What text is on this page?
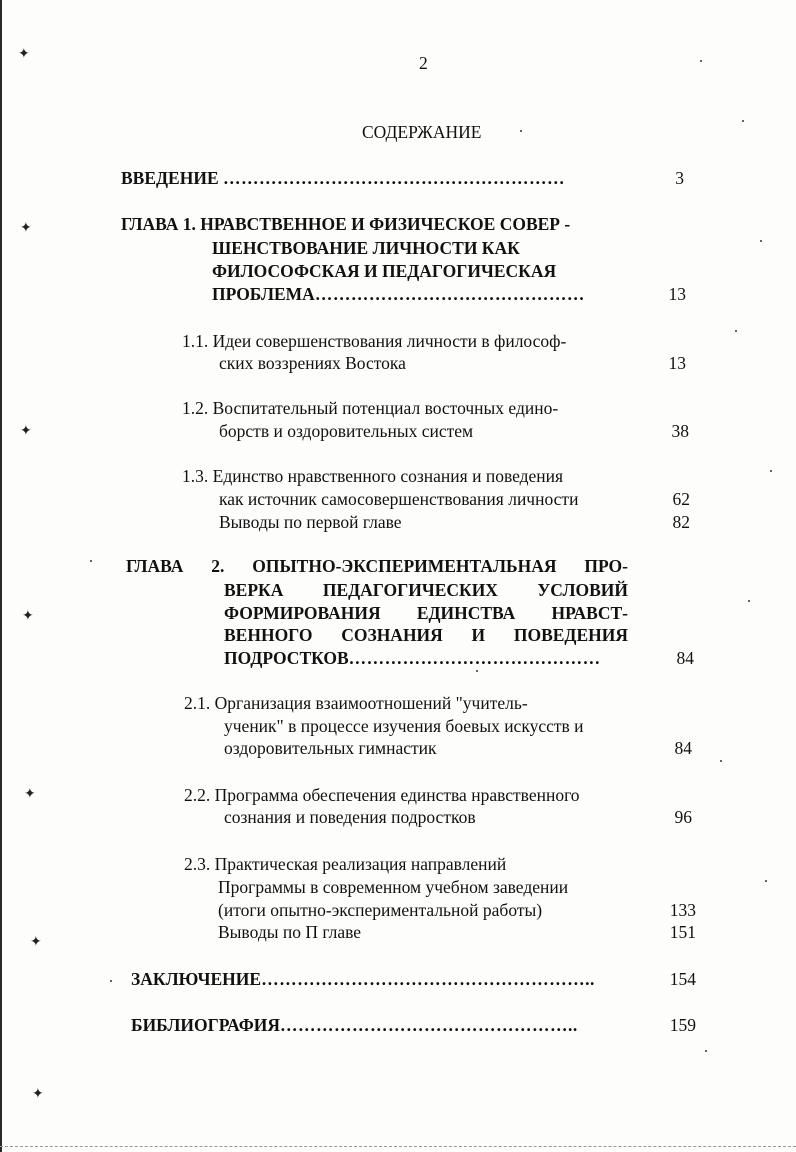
2
СОДЕРЖАНИЕ
ВВЕДЕНИЕ …………………………………………………	3
ГЛАВА 1. НРАВСТВЕННОЕ И ФИЗИЧЕСКОЕ СОВЕР -
ШЕНСТВОВАНИЕ ЛИЧНОСТИ КАК
ФИЛОСОФСКАЯ И ПЕДАГОГИЧЕСКАЯ
ПРОБЛЕМА………………………………………	13
1.1. Идеи совершенствования личности в философ-
ских воззрениях Востока	13
1.2. Воспитательный потенциал восточных едино-
борств и оздоровительных систем	38
1.3. Единство нравственного сознания и поведения
как источник самосовершенствования личности	62
Выводы по первой главе	82
ГЛАВА 2. ОПЫТНО-ЭКСПЕРИМЕНТАЛЬНАЯ ПРО-
ВЕРКА ПЕДАГОГИЧЕСКИХ УСЛОВИЙ
ФОРМИРОВАНИЯ ЕДИНСТВА НРАВСТ-
ВЕННОГО СОЗНАНИЯ И ПОВЕДЕНИЯ
ПОДРОСТКОВ……………………………………	84
2.1. Организация взаимоотношений "учитель-
ученик" в процессе изучения боевых искусств и
оздоровительных гимнастик	84
2.2. Программа обеспечения единства нравственного
сознания и поведения подростков	96
2.3. Практическая реализация направлений
Программы в современном учебном заведении
(итоги опытно-экспериментальной работы)	133
Выводы по П главе	151
ЗАКЛЮЧЕНИЕ………………………………………………..	154
БИБЛИОГРАФИЯ…………………………………………..	159
✦
✦
✦
✦
✦
✦
✦
